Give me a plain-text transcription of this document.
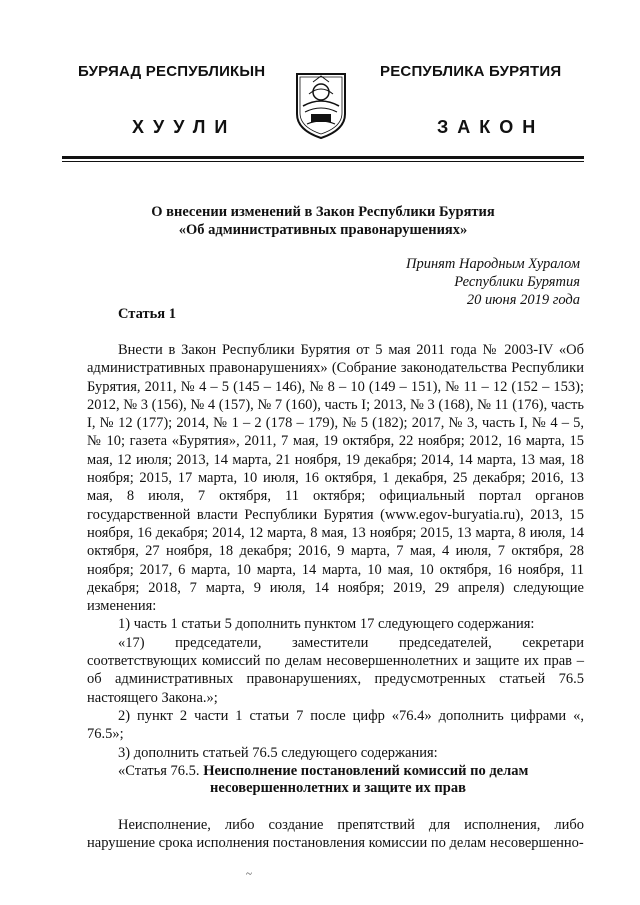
БУРЯАД РЕСПУБЛИКЫН	РЕСПУБЛИКА БУРЯТИЯ
ХУУЛИ	ЗАКОН
О внесении изменений в Закон Республики Бурятия
«Об административных правонарушениях»
Принят Народным Хуралом
Республики Бурятия
20 июня 2019 года
Статья 1

Внести в Закон Республики Бурятия от 5 мая 2011 года № 2003-IV «Об административных правонарушениях» (Собрание законодательства Республики Бурятия, 2011, № 4 – 5 (145 – 146), № 8 – 10 (149 – 151), № 11 – 12 (152 – 153); 2012, № 3 (156), № 4 (157), № 7 (160), часть I; 2013, № 3 (168), № 11 (176), часть I, № 12 (177); 2014, № 1 – 2 (178 – 179), № 5 (182); 2017, № 3, часть I, № 4 – 5, № 10; газета «Бурятия», 2011, 7 мая, 19 октября, 22 ноября; 2012, 16 марта, 15 мая, 12 июля; 2013, 14 марта, 21 ноября, 19 декабря; 2014, 14 марта, 13 мая, 18 ноября; 2015, 17 марта, 10 июля, 16 октября, 1 декабря, 25 декабря; 2016, 13 мая, 8 июля, 7 октября, 11 октября; официальный портал органов государственной власти Республики Бурятия (www.egov-buryatia.ru), 2013, 15 ноября, 16 декабря; 2014, 12 марта, 8 мая, 13 ноября; 2015, 13 марта, 8 июля, 14 октября, 27 ноября, 18 декабря; 2016, 9 марта, 7 мая, 4 июля, 7 октября, 28 ноября; 2017, 6 марта, 10 марта, 14 марта, 10 мая, 10 октября, 16 ноября, 11 декабря; 2018, 7 марта, 9 июля, 14 ноября; 2019, 29 апреля) следующие изменения:

1) часть 1 статьи 5 дополнить пунктом 17 следующего содержания:

«17) председатели, заместители председателей, секретари соответствующих комиссий по делам несовершеннолетних и защите их прав – об административных правонарушениях, предусмотренных статьей 76.5 настоящего Закона.»;

2) пункт 2 части 1 статьи 7 после цифр «76.4» дополнить цифрами «, 76.5»;

3) дополнить статьей 76.5 следующего содержания:

«Статья 76.5. Неисполнение постановлений комиссий по делам
несовершеннолетних и защите их прав
Неисполнение, либо создание препятствий для исполнения, либо нарушение срока исполнения постановления комиссии по делам несовершенно-
~
